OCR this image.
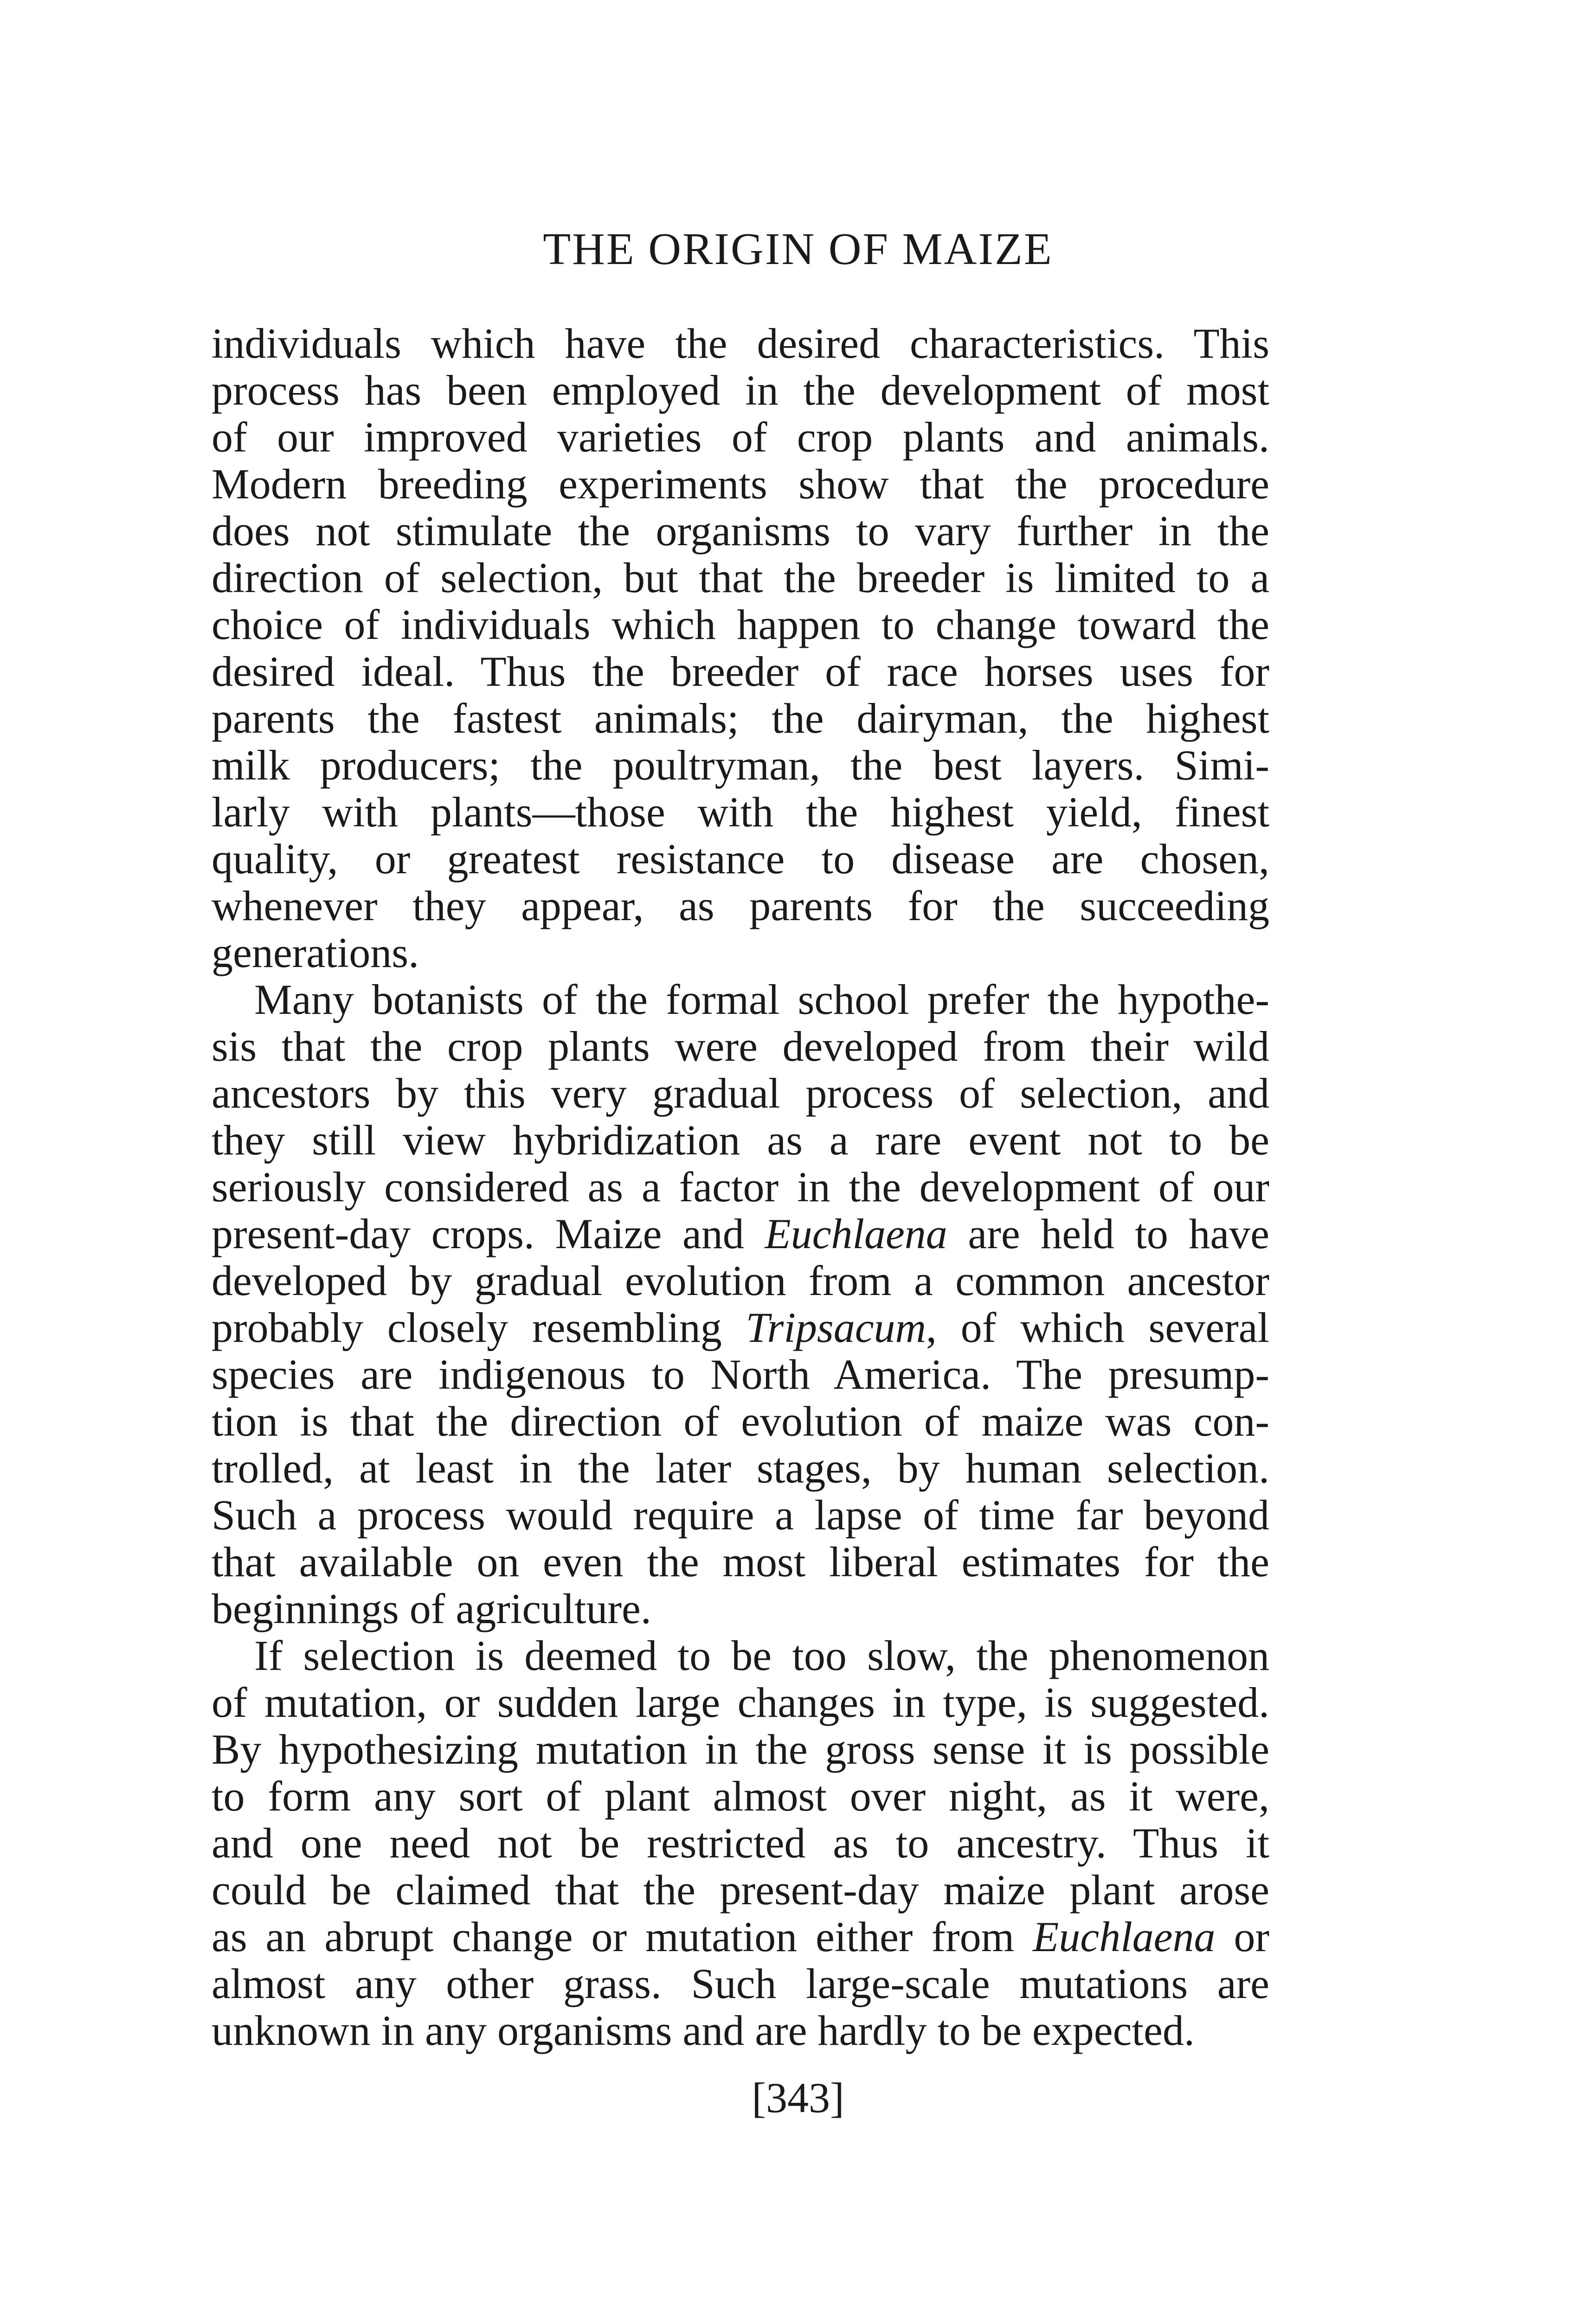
THE ORIGIN OF MAIZE
individuals which have the desired characteristics. This
process has been employed in the development of most
of our improved varieties of crop plants and animals.
Modern breeding experiments show that the procedure
does not stimulate the organisms to vary further in the
direction of selection, but that the breeder is limited to a
choice of individuals which happen to change toward the
desired ideal. Thus the breeder of race horses uses for
parents the fastest animals; the dairyman, the highest
milk producers; the poultryman, the best layers. Simi-
larly with plants—those with the highest yield, finest
quality, or greatest resistance to disease are chosen,
whenever they appear, as parents for the succeeding
generations.
Many botanists of the formal school prefer the hypothe-
sis that the crop plants were developed from their wild
ancestors by this very gradual process of selection, and
they still view hybridization as a rare event not to be
seriously considered as a factor in the development of our
present-day crops. Maize and Euchlaena are held to have
developed by gradual evolution from a common ancestor
probably closely resembling Tripsacum, of which several
species are indigenous to North America. The presump-
tion is that the direction of evolution of maize was con-
trolled, at least in the later stages, by human selection.
Such a process would require a lapse of time far beyond
that available on even the most liberal estimates for the
beginnings of agriculture.
If selection is deemed to be too slow, the phenomenon
of mutation, or sudden large changes in type, is suggested.
By hypothesizing mutation in the gross sense it is possible
to form any sort of plant almost over night, as it were,
and one need not be restricted as to ancestry. Thus it
could be claimed that the present-day maize plant arose
as an abrupt change or mutation either from Euchlaena or
almost any other grass. Such large-scale mutations are
unknown in any organisms and are hardly to be expected.
[343]
